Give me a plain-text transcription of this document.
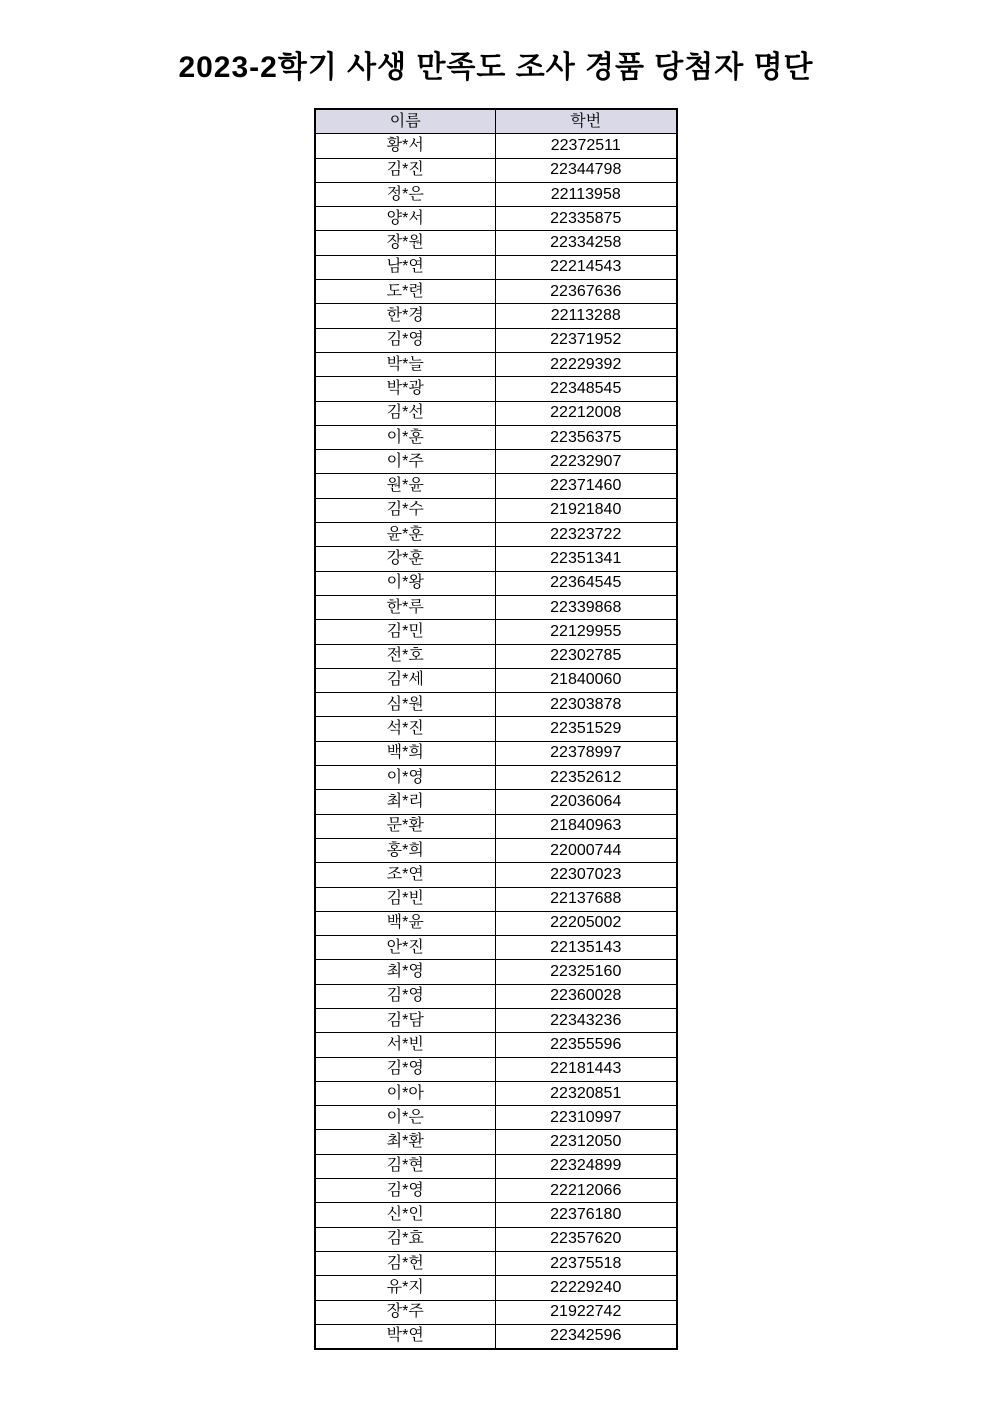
2023-2학기 사생 만족도 조사 경품 당첨자 명단
이름	학번
황*서	22372511
김*진	22344798
정*은	22113958
양*서	22335875
장*원	22334258
남*연	22214543
도*련	22367636
한*경	22113288
김*영	22371952
박*늘	22229392
박*광	22348545
김*선	22212008
이*훈	22356375
이*주	22232907
원*윤	22371460
김*수	21921840
윤*훈	22323722
강*훈	22351341
이*왕	22364545
한*루	22339868
김*민	22129955
전*호	22302785
김*세	21840060
심*원	22303878
석*진	22351529
백*희	22378997
이*영	22352612
최*리	22036064
문*환	21840963
홍*희	22000744
조*연	22307023
김*빈	22137688
백*윤	22205002
안*진	22135143
최*영	22325160
김*영	22360028
김*담	22343236
서*빈	22355596
김*영	22181443
이*아	22320851
이*은	22310997
최*환	22312050
김*현	22324899
김*영	22212066
신*인	22376180
김*효	22357620
김*헌	22375518
유*지	22229240
장*주	21922742
박*연	22342596
